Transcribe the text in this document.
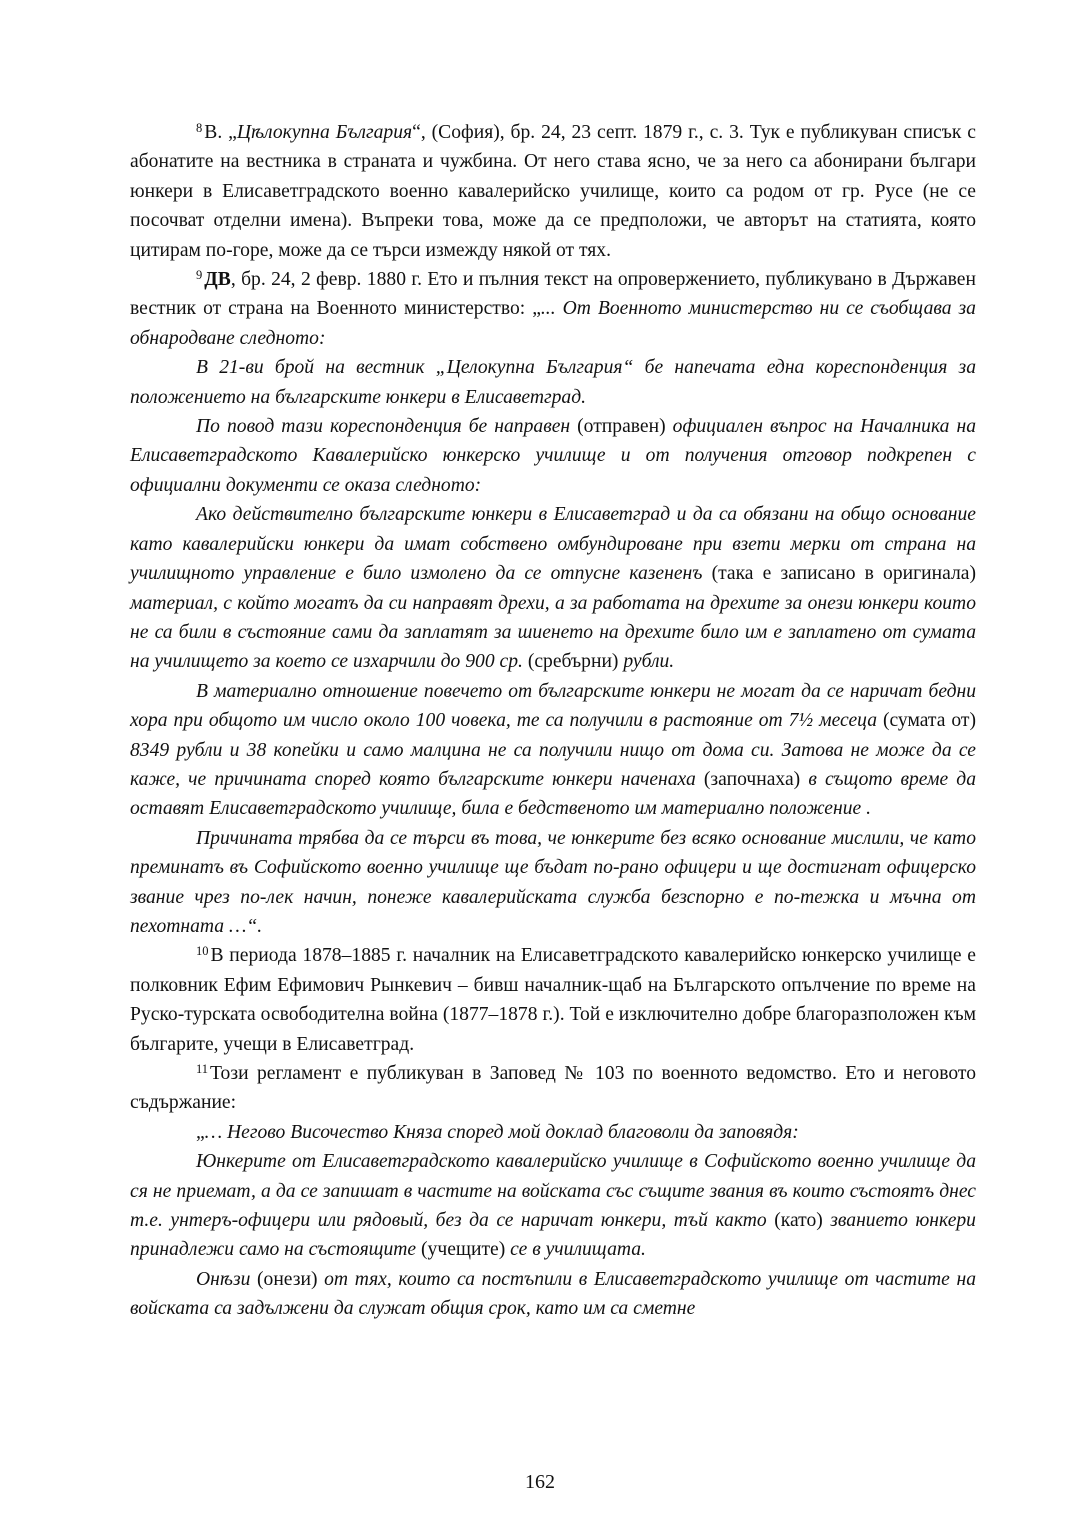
$^8$ В. „Цѣлокупна България“, (София), бр. 24, 23 септ. 1879 г., с. 3. Тук е публикуван списък с абонатите на вестника в страната и чужбина. От него става ясно, че за него са абонирани българи юнкери в Елисаветградското военно кавалерийско училище, които са родом от гр. Русе (не се посочват отделни имена). Въпреки това, може да се предположи, че авторът на статията, която цитирам по-горе, може да се търси измежду някой от тях.

$^9$ ДВ, бр. 24, 2 февр. 1880 г. Ето и пълния текст на опровержението, публикувано в Държавен вестник от страна на Военното министерство: „... От Военното министерство ни се съобщава за обнародване следното:

В 21-ви брой на вестник „Целокупна България“ бе напечата една кореспонденция за положението на българските юнкери в Елисаветград.

По повод тази кореспонденция бе направен (отправен) официален въпрос на Началника на Елисаветградското Кавалерийско юнкерско училище и от получения отговор подкрепен с официални документи се оказа следното:

Ако действително българските юнкери в Елисаветград и да са обязани на общо основание като кавалерийски юнкери да имат собствено омбундироване при взети мерки от страна на училищното управление е било измолено да се отпусне казененъ (така е записано в оригинала) материал, с който могатъ да си направят дрехи, а за работата на дрехите за онези юнкери които не са били в състояние сами да заплатят за шиенето на дрехите било им е заплатено от сумата на училището за което се изхарчили до 900 ср. (сребърни) рубли.

В материално отношение повечето от българските юнкери не могат да се наричат бедни хора при общото им число около 100 човека, те са получили в растояние от 7½ месеца (сумата от) 8349 рубли и 38 копейки и само малцина не са получили нищо от дома си. Затова не може да се каже, че причината според която българските юнкери наченаха (започнаха) в същото време да оставят Елисаветградското училище, била е бедственото им материално положение .

Причината трябва да се търси въ това, че юнкерите без всяко основание мислили, че като преминатъ въ Софийското военно училище ще бъдат по-рано офицери и ще достигнат офицерско звание чрез по-лек начин, понеже кавалерийската служба безспорно е по-тежка и мъчна от пехотната …“.

$^{10}$ В периода 1878–1885 г. началник на Елисаветградското кавалерийско юнкерско училище е полковник Ефим Ефимович Рынкевич – бивш началник-щаб на Българското опълчение по време на Руско-турската освободителна война (1877–1878 г.). Той е изключително добре благоразположен към българите, учещи в Елисаветград.

$^{11}$ Този регламент е публикуван в Заповед № 103 по военното ведомство. Ето и неговото съдържание:

„… Негово Височество Княза според мой доклад благоволи да заповядя:

Юнкерите от Елисаветградското кавалерийско училище в Софийското военно училище да ся не приемат, а да се запишат в частите на войската със същите звания въ които състоятъ днес т.е. унтеръ-офицери или рядовый, без да се наричат юнкери, тъй както (като) званието юнкери принадлежи само на състоящите (учещите) се в училищата.

Онѣзи (онези) от тях, които са постъпили в Елисаветградското училище от частите на войската са задължени да служат общия срок, като им са сметне

162
